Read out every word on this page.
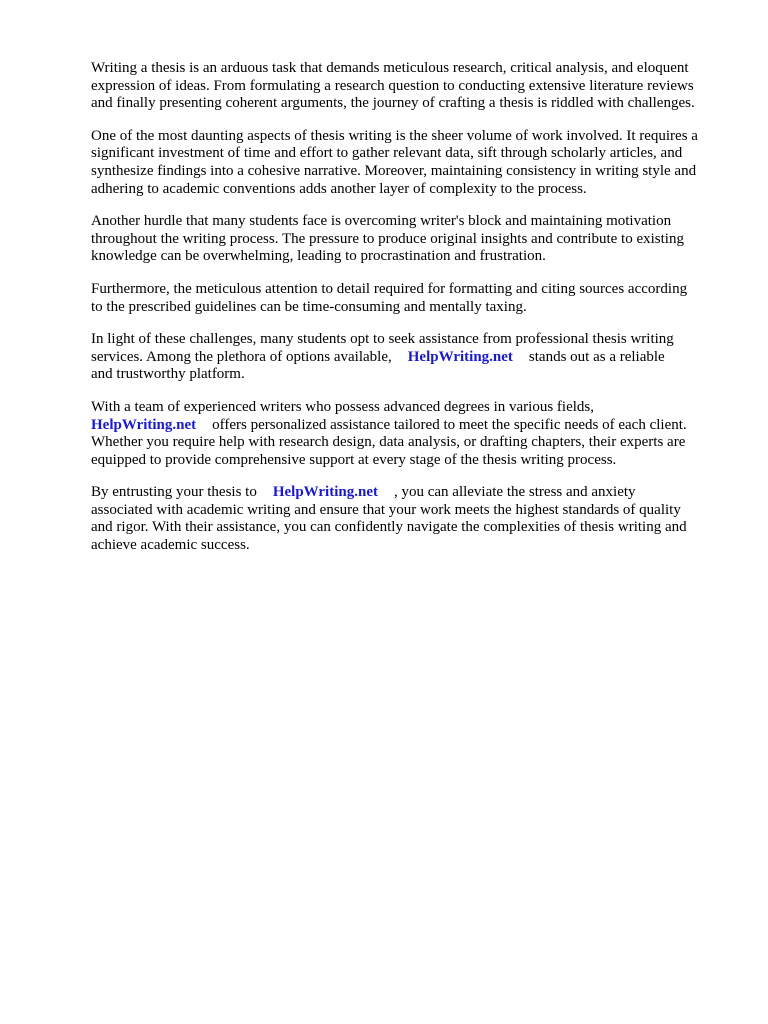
Writing a thesis is an arduous task that demands meticulous research, critical analysis, and eloquent
expression of ideas. From formulating a research question to conducting extensive literature reviews
and finally presenting coherent arguments, the journey of crafting a thesis is riddled with challenges.

One of the most daunting aspects of thesis writing is the sheer volume of work involved. It requires a
significant investment of time and effort to gather relevant data, sift through scholarly articles, and
synthesize findings into a cohesive narrative. Moreover, maintaining consistency in writing style and
adhering to academic conventions adds another layer of complexity to the process.

Another hurdle that many students face is overcoming writer's block and maintaining motivation
throughout the writing process. The pressure to produce original insights and contribute to existing
knowledge can be overwhelming, leading to procrastination and frustration.

Furthermore, the meticulous attention to detail required for formatting and citing sources according
to the prescribed guidelines can be time-consuming and mentally taxing.

In light of these challenges, many students opt to seek assistance from professional thesis writing
services. Among the plethora of options available, HelpWriting.net stands out as a reliable
and trustworthy platform.

With a team of experienced writers who possess advanced degrees in various fields,
HelpWriting.net offers personalized assistance tailored to meet the specific needs of each client.
Whether you require help with research design, data analysis, or drafting chapters, their experts are
equipped to provide comprehensive support at every stage of the thesis writing process.

By entrusting your thesis to HelpWriting.net , you can alleviate the stress and anxiety
associated with academic writing and ensure that your work meets the highest standards of quality
and rigor. With their assistance, you can confidently navigate the complexities of thesis writing and
achieve academic success.
